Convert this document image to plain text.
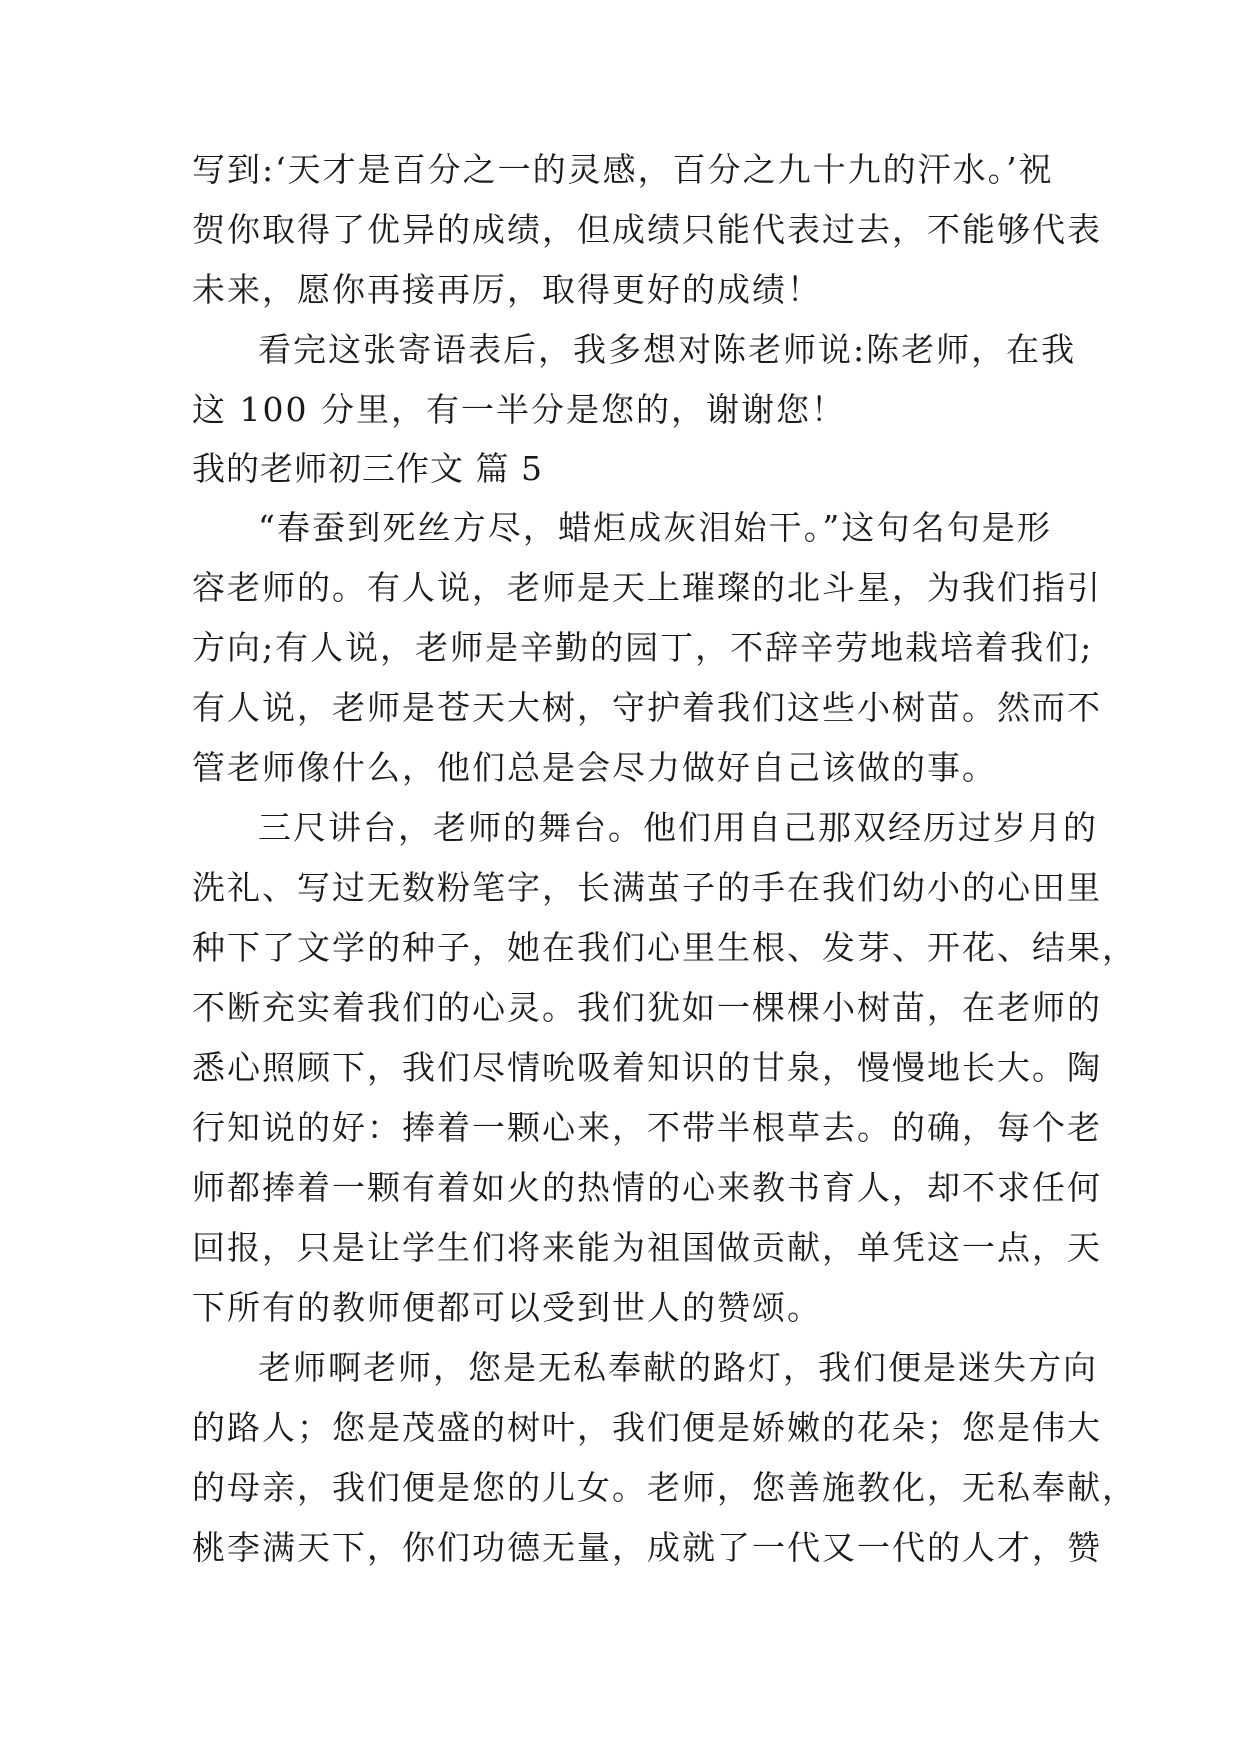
写到:‘天才是百分之一的灵感，百分之九十九的汗水。’祝
贺你取得了优异的成绩，但成绩只能代表过去，不能够代表
未来，愿你再接再厉，取得更好的成绩！
看完这张寄语表后，我多想对陈老师说:陈老师，在我
这 100 分里，有一半分是您的，谢谢您！
我的老师初三作文 篇 5
“春蚕到死丝方尽，蜡炬成灰泪始干。”这句名句是形
容老师的。有人说，老师是天上璀璨的北斗星，为我们指引
方向;有人说，老师是辛勤的园丁，不辞辛劳地栽培着我们;
有人说，老师是苍天大树，守护着我们这些小树苗。然而不
管老师像什么，他们总是会尽力做好自己该做的事。
三尺讲台，老师的舞台。他们用自己那双经历过岁月的
洗礼、写过无数粉笔字，长满茧子的手在我们幼小的心田里
种下了文学的种子，她在我们心里生根、发芽、开花、结果，
不断充实着我们的心灵。我们犹如一棵棵小树苗，在老师的
悉心照顾下，我们尽情吮吸着知识的甘泉，慢慢地长大。陶
行知说的好：捧着一颗心来，不带半根草去。的确，每个老
师都捧着一颗有着如火的热情的心来教书育人，却不求任何
回报，只是让学生们将来能为祖国做贡献，单凭这一点，天
下所有的教师便都可以受到世人的赞颂。
老师啊老师，您是无私奉献的路灯，我们便是迷失方向
的路人；您是茂盛的树叶，我们便是娇嫩的花朵；您是伟大
的母亲，我们便是您的儿女。老师，您善施教化，无私奉献，
桃李满天下，你们功德无量，成就了一代又一代的人才，赞
